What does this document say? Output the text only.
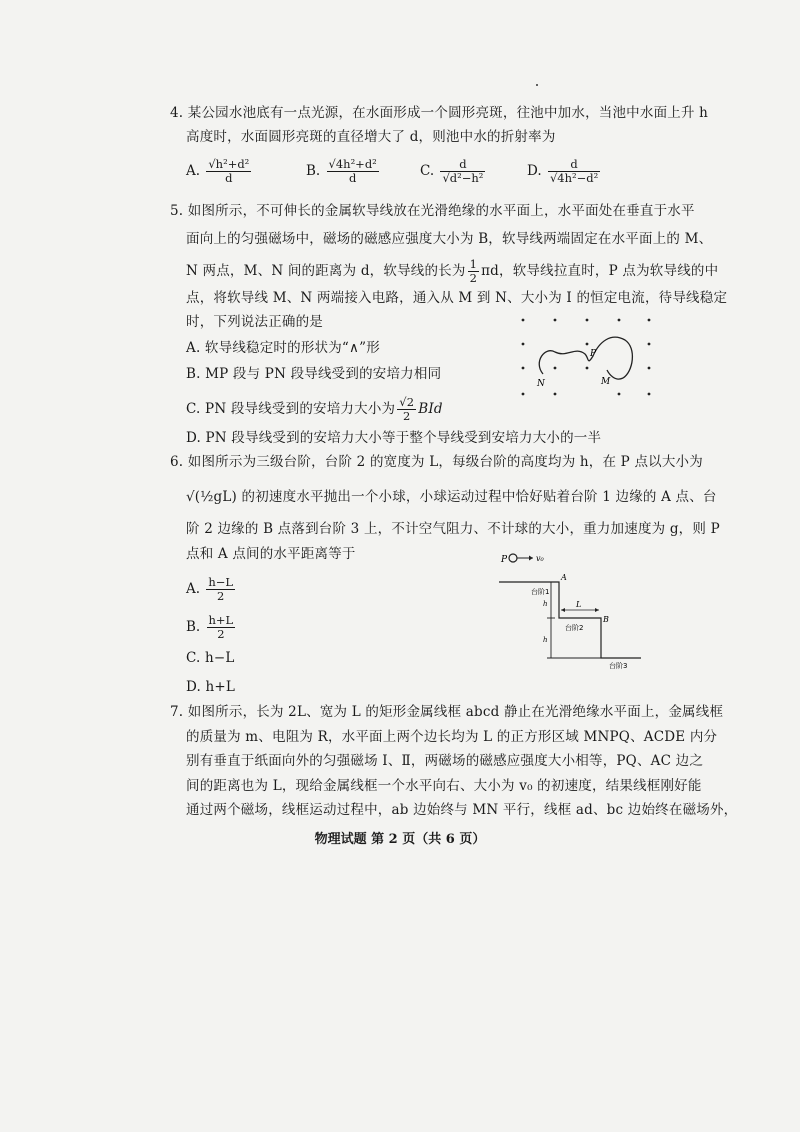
4. 某公园水池底有一点光源，在水面形成一个圆形亮斑，往池中加水，当池中水面上升 h
高度时，水面圆形亮斑的直径增大了 d，则池中水的折射率为
A. $\frac{\text{√h²+d²}}{d}$	B. $\frac{\text{√4h²+d²}}{d}$	C. $\frac{d}{\text{√d²−h²}}$	D. $\frac{d}{\text{√4h²−d²}}$
5. 如图所示，不可伸长的金属软导线放在光滑绝缘的水平面上，水平面处在垂直于水平
面向上的匀强磁场中，磁场的磁感应强度大小为 B，软导线两端固定在水平面上的 M、
N 两点，M、N 间的距离为 d，软导线的长为 $\frac{1}{2}$ πd，软导线拉直时，P 点为软导线的中
点，将软导线 M、N 两端接入电路，通入从 M 到 N、大小为 I 的恒定电流，待导线稳定
时，下列说法正确的是
A. 软导线稳定时的形状为“∧”形
B. MP 段与 PN 段导线受到的安培力相同
C. PN 段导线受到的安培力大小为 $\frac{√2}{2}$ BId
D. PN 段导线受到的安培力大小等于整个导线受到安培力大小的一半
P
N	M
6. 如图所示为三级台阶，台阶 2 的宽度为 L，每级台阶的高度均为 h，在 P 点以大小为
√(½gL) 的初速度水平抛出一个小球，小球运动过程中恰好贴着台阶 1 边缘的 A 点、台
阶 2 边缘的 B 点落到台阶 3 上，不计空气阻力、不计球的大小，重力加速度为 g，则 P
点和 A 点间的水平距离等于
A. $\frac{h-L}{2}$
B. $\frac{h+L}{2}$
C. h−L
D. h+L
P	v₀
L
A
B
台阶1
台阶2
台阶3
h
h
7. 如图所示，长为 2L、宽为 L 的矩形金属线框 abcd 静止在光滑绝缘水平面上，金属线框
的质量为 m、电阻为 R，水平面上两个边长均为 L 的正方形区域 MNPQ、ACDE 内分
别有垂直于纸面向外的匀强磁场 Ⅰ、Ⅱ，两磁场的磁感应强度大小相等，PQ、AC 边之
间的距离也为 L，现给金属线框一个水平向右、大小为 v₀ 的初速度，结果线框刚好能
通过两个磁场，线框运动过程中，ab 边始终与 MN 平行，线框 ad、bc 边始终在磁场外，
物理试题 第 2 页（共 6 页）
